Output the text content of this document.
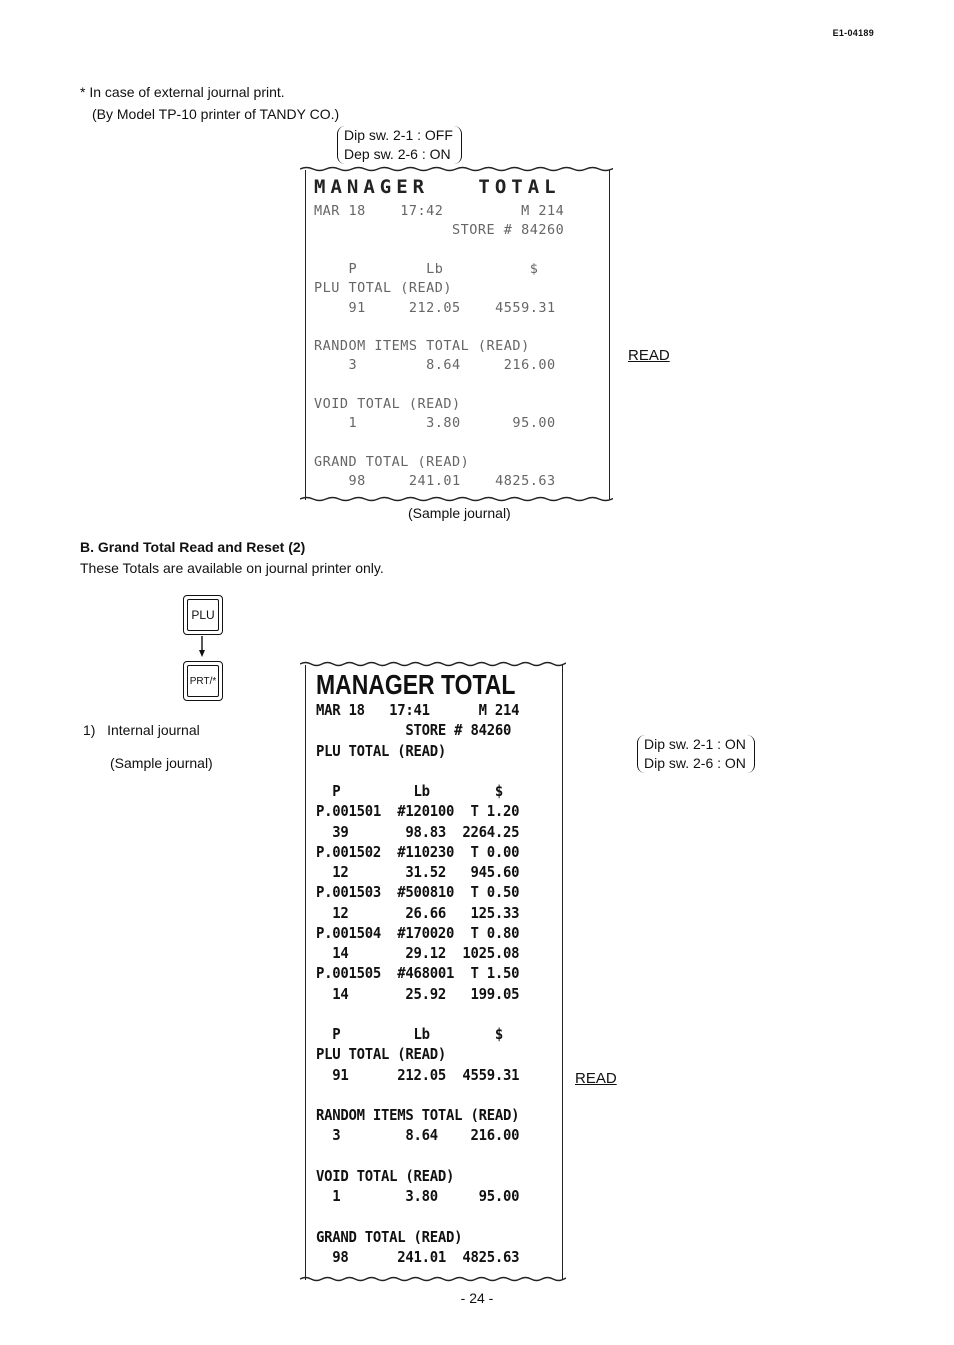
E1-04189
* In case of external journal print.
(By Model TP-10 printer of TANDY CO.)
Dip sw. 2-1 : OFF
Dep sw. 2-6 : ON
MANAGER   TOTAL
MAR 18    17:42         M 214
STORE # 84260
P        Lb          $
PLU TOTAL (READ)
91     212.05    4559.31
RANDOM ITEMS TOTAL (READ)
3        8.64     216.00
VOID TOTAL (READ)
1        3.80      95.00
GRAND TOTAL (READ)
98     241.01    4825.63
READ
(Sample journal)
B. Grand Total Read and Reset (2)
These Totals are available on journal printer only.
PLU
PRT/*
1)   Internal journal
(Sample journal)
Dip sw. 2-1 : ON
Dip sw. 2-6 : ON
MANAGER TOTAL
MAR 18   17:41      M 214
STORE # 84260
PLU TOTAL (READ)
P         Lb        $
P.001501  #120100  T 1.20
39       98.83  2264.25
P.001502  #110230  T 0.00
12       31.52   945.60
P.001503  #500810  T 0.50
12       26.66   125.33
P.001504  #170020  T 0.80
14       29.12  1025.08
P.001505  #468001  T 1.50
14       25.92   199.05
P         Lb        $
PLU TOTAL (READ)
91      212.05  4559.31
RANDOM ITEMS TOTAL (READ)
3        8.64    216.00
VOID TOTAL (READ)
1        3.80     95.00
GRAND TOTAL (READ)
98      241.01  4825.63
READ
- 24 -
